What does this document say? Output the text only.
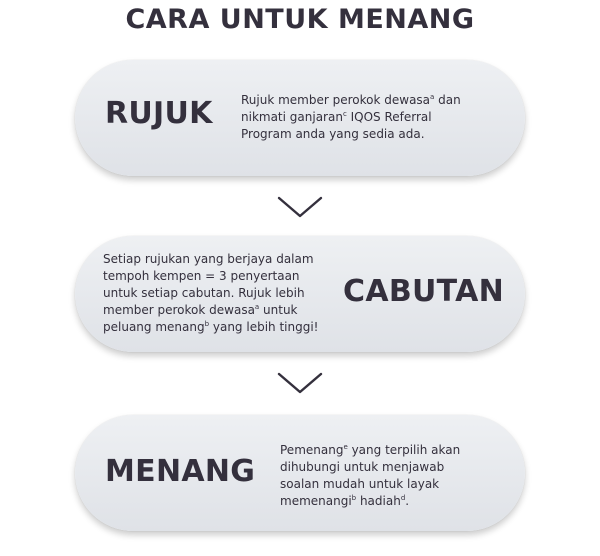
CARA UNTUK MENANG
RUJUK Rujuk member perokok dewasa$^a$ dan
nikmati ganjaran$^c$ IQOS Referral
Program anda yang sedia ada.
Setiap rujukan yang berjaya dalam
tempoh kempen = 3 penyertaan
untuk setiap cabutan. Rujuk lebih
member perokok dewasa$^a$ untuk
peluang menang$^b$ yang lebih tinggi!
CABUTAN
MENANG
Pemenang$^e$ yang terpilih akan
dihubungi untuk menjawab
soalan mudah untuk layak
memenangi$^b$ hadiah$^d$.
